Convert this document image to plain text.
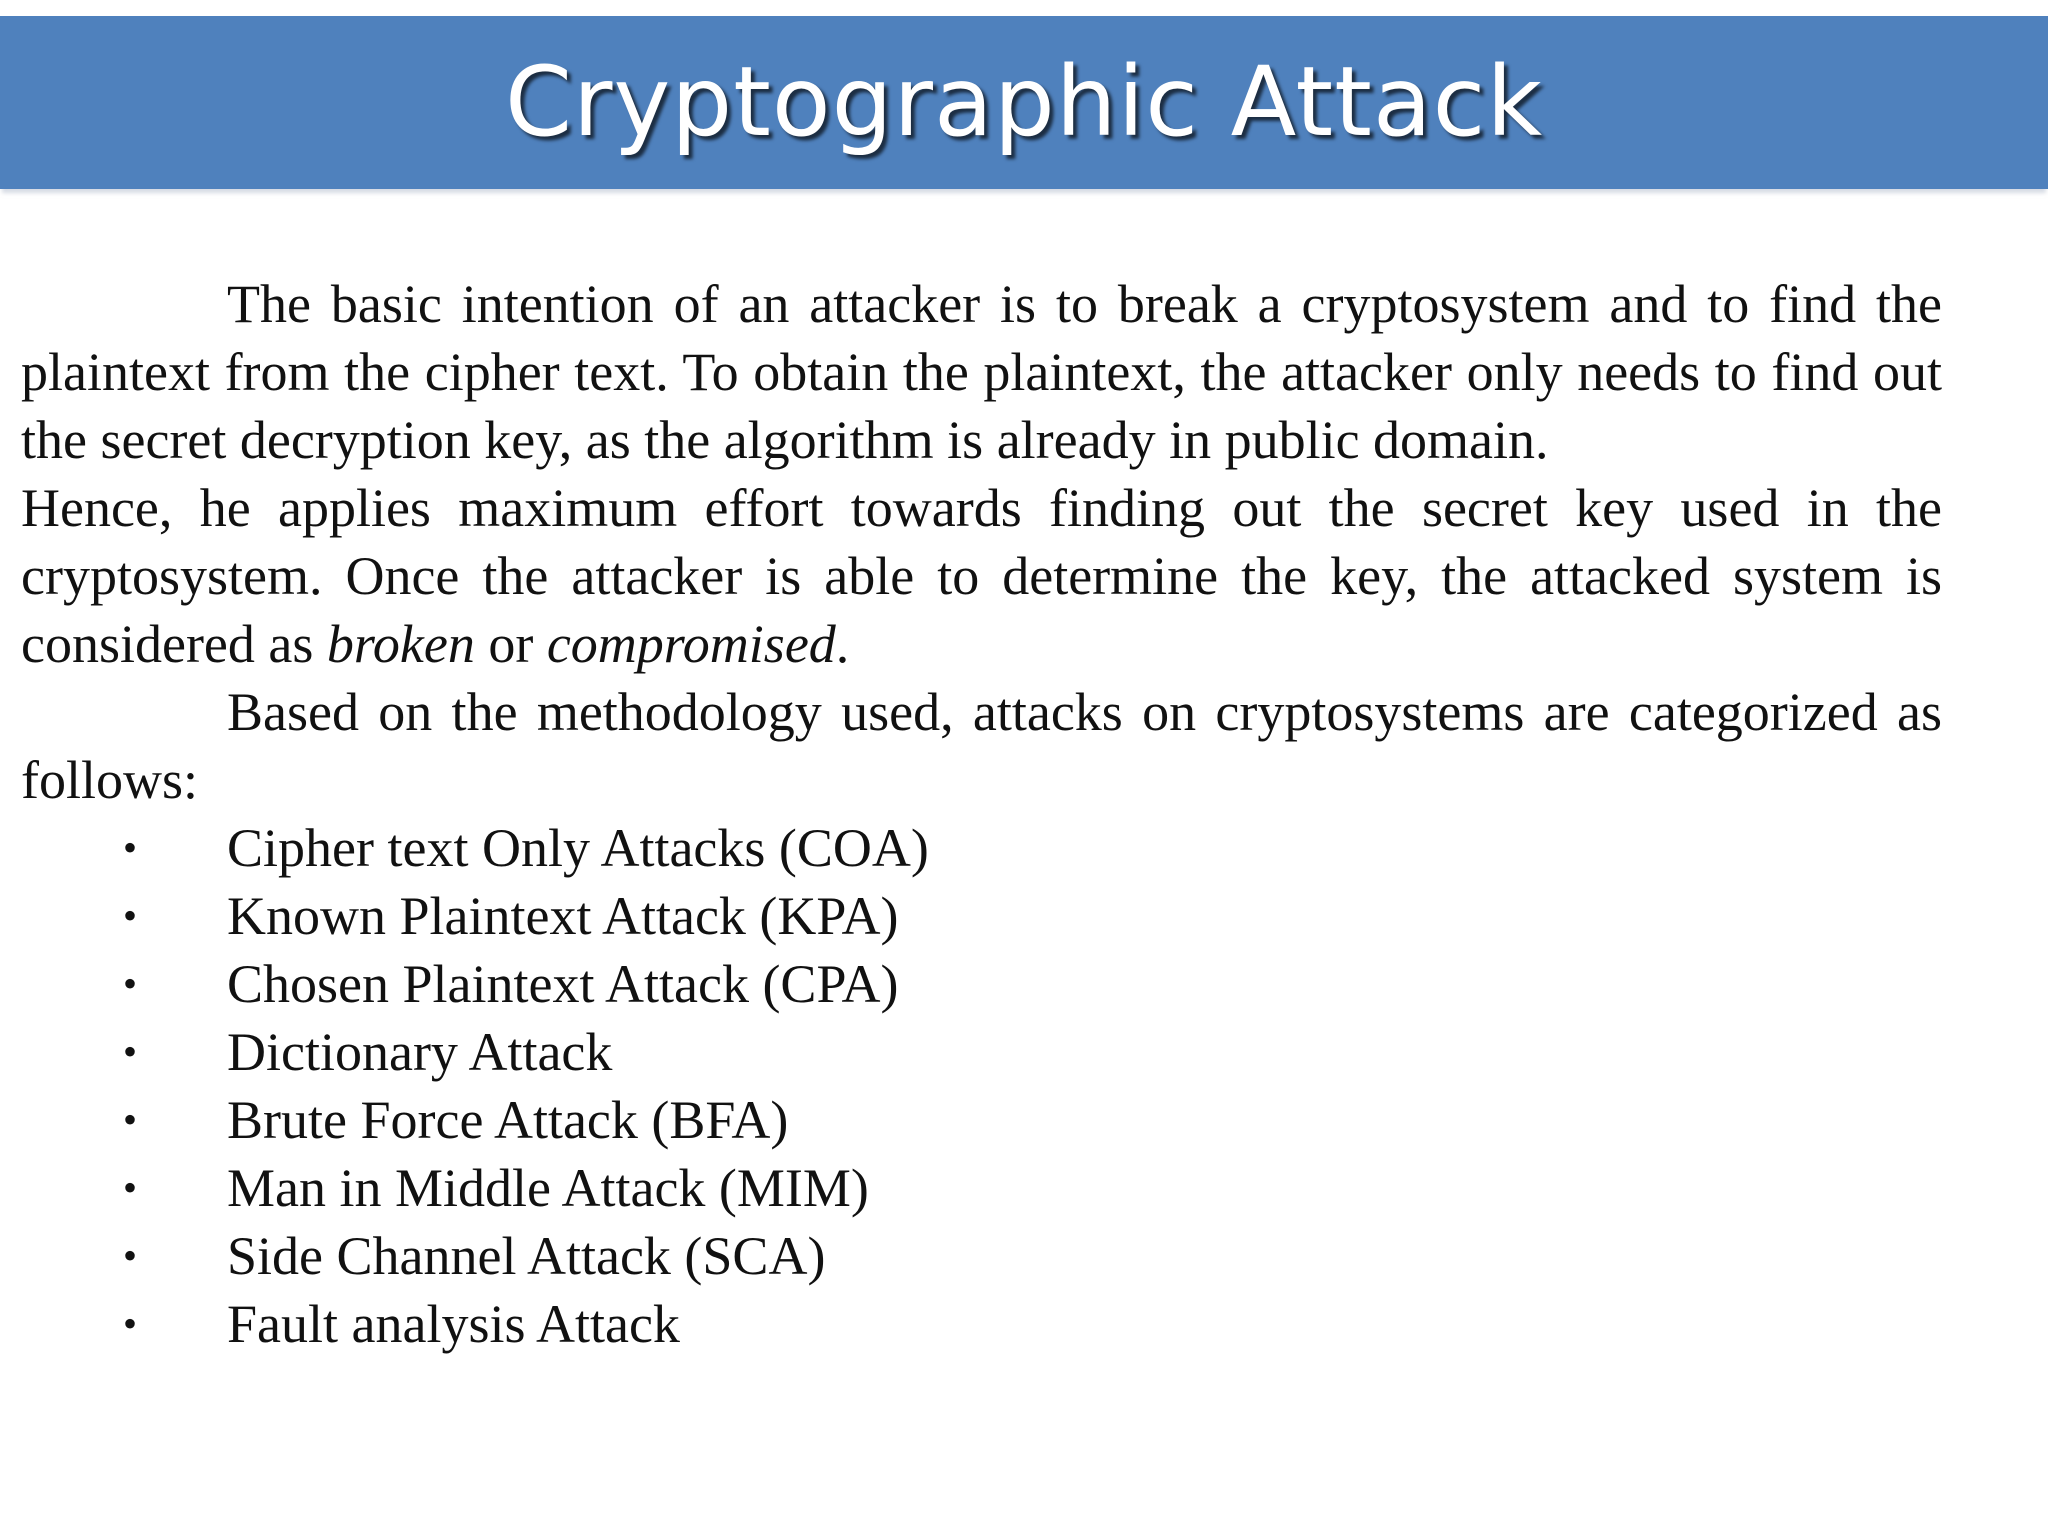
Cryptographic Attack

The basic intention of an attacker is to break a cryptosystem and to find the plaintext from the cipher text. To obtain the plaintext, the attacker only needs to find out the secret decryption key, as the algorithm is already in public domain.

Hence, he applies maximum effort towards finding out the secret key used in the cryptosystem. Once the attacker is able to determine the key, the attacked system is considered as broken or compromised.

Based on the methodology used, attacks on cryptosystems are categorized as follows:

•	Cipher text Only Attacks (COA)
•	Known Plaintext Attack (KPA)
•	Chosen Plaintext Attack (CPA)
•	Dictionary Attack
•	Brute Force Attack (BFA)
•	Man in Middle Attack (MIM)
•	Side Channel Attack (SCA)
•	Fault analysis Attack
